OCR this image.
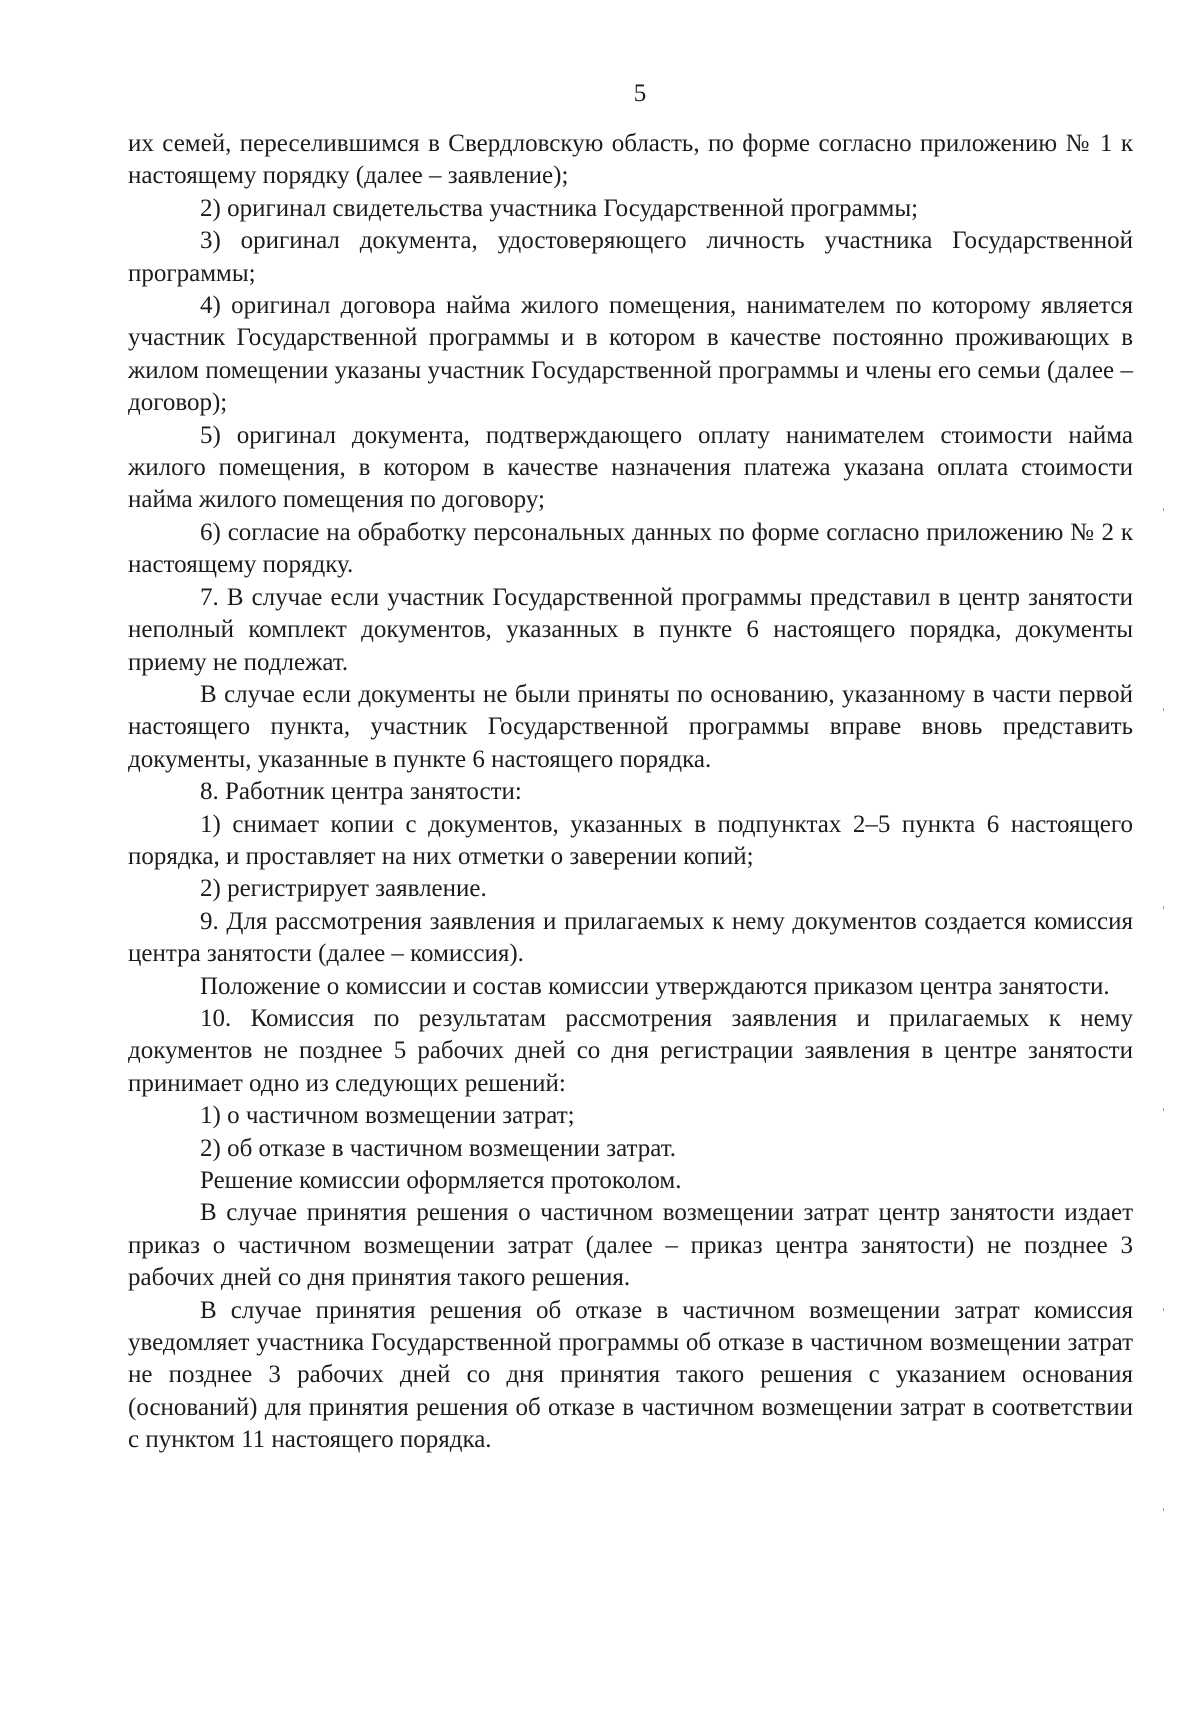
5

их семей, переселившимся в Свердловскую область, по форме согласно приложению № 1 к настоящему порядку (далее – заявление);

2) оригинал свидетельства участника Государственной программы;

3) оригинал документа, удостоверяющего личность участника Государственной программы;

4) оригинал договора найма жилого помещения, нанимателем по которому является участник Государственной программы и в котором в качестве постоянно проживающих в жилом помещении указаны участник Государственной программы и члены его семьи (далее – договор);

5) оригинал документа, подтверждающего оплату нанимателем стоимости найма жилого помещения, в котором в качестве назначения платежа указана оплата стоимости найма жилого помещения по договору;

6) согласие на обработку персональных данных по форме согласно приложению № 2 к настоящему порядку.

7. В случае если участник Государственной программы представил в центр занятости неполный комплект документов, указанных в пункте 6 настоящего порядка, документы приему не подлежат.

В случае если документы не были приняты по основанию, указанному в части первой настоящего пункта, участник Государственной программы вправе вновь представить документы, указанные в пункте 6 настоящего порядка.

8. Работник центра занятости:

1) снимает копии с документов, указанных в подпунктах 2–5 пункта 6 настоящего порядка, и проставляет на них отметки о заверении копий;

2) регистрирует заявление.

9. Для рассмотрения заявления и прилагаемых к нему документов создается комиссия центра занятости (далее – комиссия).

Положение о комиссии и состав комиссии утверждаются приказом центра занятости.

10. Комиссия по результатам рассмотрения заявления и прилагаемых к нему документов не позднее 5 рабочих дней со дня регистрации заявления в центре занятости принимает одно из следующих решений:

1) о частичном возмещении затрат;

2) об отказе в частичном возмещении затрат.

Решение комиссии оформляется протоколом.

В случае принятия решения о частичном возмещении затрат центр занятости издает приказ о частичном возмещении затрат (далее – приказ центра занятости) не позднее 3 рабочих дней со дня принятия такого решения.

В случае принятия решения об отказе в частичном возмещении затрат комиссия уведомляет участника Государственной программы об отказе в частичном возмещении затрат не позднее 3 рабочих дней со дня принятия такого решения с указанием основания (оснований) для принятия решения об отказе в частичном возмещении затрат в соответствии с пунктом 11 настоящего порядка.
